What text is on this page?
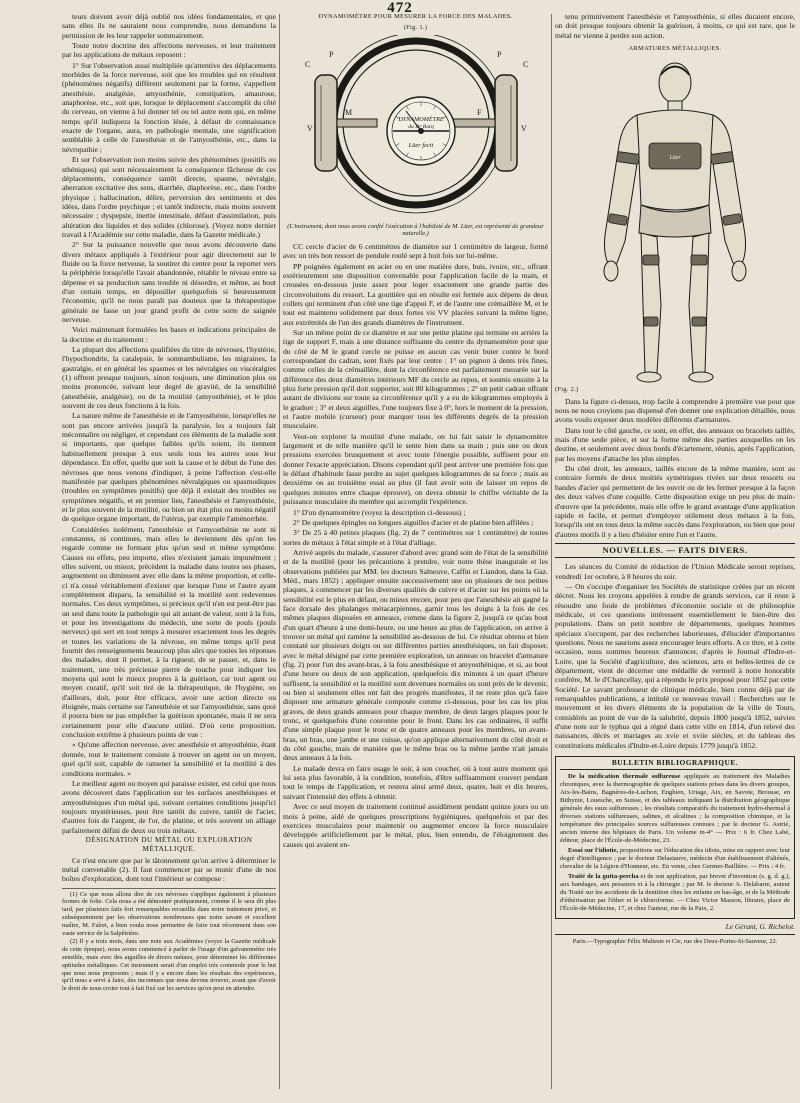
472

teurs doivent avoir déjà oublié nos idées fondamentales, et que sans elles ils ne sauraient nous comprendre, nous demandons la permission de les leur rappeler sommairement.

Toute notre doctrine des affections nerveuses, et leur traitement par les applications de métaux reposent :

1° Sur l'observation aussi multipliée qu'attentive des déplacements morbides de la force nerveuse, soit que les troubles qui en résultent (phénomènes négatifs) diffèrent seulement par la forme, s'appellent anesthésie, analgésie, amyosthénie, constipation, amaurose, anaphorèse, etc., soit que, lorsque le déplacement s'accomplit du côté du cerveau, on vienne à lui donner tel ou tel autre nom qui, en même temps qu'il indiquera la fonction lésée, à défaut de connaissance exacte de l'organe, aura, en pathologie mentale, une signification semblable à celle de l'anesthésie et de l'amyosthénie, etc., dans la névropathie ;

Et sur l'observation non moins suivie des phénomènes (positifs ou sthéniques) qui sont nécessairement la conséquence fâcheuse de ces déplacements, conséquence tantôt directe, spasme, névralgie, aberration excitative des sens, diarrhée, diaphorèse, etc., dans l'ordre physique ; hallucination, délire, perversion des sentiments et des idées, dans l'ordre psychique ; et tantôt indirecte, mais moins souvent nécessaire ; dyspepsie, inertie intestinale, défaut d'assimilation, puis altération des liquides et des solides (chlorose). (Voyez notre dernier travail à l'Académie sur cette maladie, dans la Gazette médicale.)

2° Sur la puissance nouvelle que nous avons découverte dans divers métaux appliqués à l'extérieur pour agir directement sur le fluide ou la force nerveuse, la soutirer du centre pour la reporter vers la périphérie lorsqu'elle l'avait abandonnée, rétablir le niveau entre sa dépense et sa production sans trouble ni désordre, et même, au bout d'un certain temps, en dépouiller quelquefois si heureusement l'économie, qu'il ne nous paraît pas douteux que la thérapeutique générale ne fasse un jour grand profit de cette sorte de saignée nerveuse.

Voici maintenant formulées les bases et indications principales de la doctrine et du traitement :

La plupart des affections qualifiées du titre de névroses, l'hystérie, l'hypochondrie, la catalepsie, le somnambulisme, les migraines, la gastralgie, et en général les spasmes et les névralgies ou viscéralgies (1) offrent presque toujours, sinon toujours, une diminution plus ou moins prononcée, suivant leur degré de gravité, de la sensibilité (anesthésie, analgésie), ou de la motilité (amyosthénie), et le plus souvent de ces deux fonctions à la fois.

La nature même de l'anesthésie et de l'amyosthénie, lorsqu'elles ne sont pas encore arrivées jusqu'à la paralysie, les a toujours fait méconnaître ou négliger, et cependant ces éléments de la maladie sont si importants, que quelque faibles qu'ils soient, ils tiennent habituellement presque à eux seuls tous les autres sous leur dépendance. En effet, quelle que soit la cause et le début de l'une des névroses que nous venons d'indiquer, à peine l'affection s'est-elle manifestée par quelques phénomènes névralgiques ou spasmodiques (troubles ou symptômes positifs) que déjà il existait des troubles ou symptômes négatifs, et en premier lieu, l'anesthésie et l'amyosthénie, et le plus souvent de la motilité, ou bien un état plus ou moins négatif de quelque organe important, de l'utérus, par exemple l'aménorrhée.

Considérées isolément, l'anesthésie et l'amyosthénie ne sont ni constantes, ni continues, mais elles le deviennent dès qu'on les regarde comme ne formant plus qu'un seul et même symptôme. Causes ou effets, peu importe, elles n'existent jamais impunément ; elles suivent, ou mieux, précèdent la maladie dans toutes ses phases, augmentent ou diminuent avec elle dans la même proportion, et celle-ci n'a cessé véritablement d'exister que lorsque l'une et l'autre ayant complètement disparu, la sensibilité et la motilité sont redevenues normales. Ces deux symptômes, si précieux qu'il n'en est peut-être pas un seul dans toute la pathologie qui ait autant de valeur, sont à la fois, et pour les investigations du médecin, une sorte de pouls (pouls nerveux) qui sert en tout temps à mesurer exactement tous les degrés et toutes les variations de la névrose, en même temps qu'il peut fournir des renseignements beaucoup plus sûrs que toutes les réponses des malades, dont il permet, à la rigueur, de se passer, et, dans le traitement, une très précieuse pierre de touche pour indiquer les moyens qui sont le mieux propres à la guérison, car tout agent ou moyen curatif, qu'il soit tiré de la thérapeutique, de l'hygiène, ou d'ailleurs, doit, pour être efficace, avoir une action directe ou éloignée, mais certaine sur l'anesthésie et sur l'amyosthénie, sans quoi il pourra bien ne pas empêcher la guérison spontanée, mais il ne sera certainement pour elle d'aucune utilité. D'où cette proposition, conclusion extrême à plusieurs points de vue :

« Qu'une affection nerveuse, avec anesthésie et amyosthénie, étant donnée, tout le traitement consiste à trouver un agent ou un moyen, quel qu'il soit, capable de ramener la sensibilité et la motilité à des conditions normales. »

Le meilleur agent ou moyen qui paraisse exister, est celui que nous avons découvert dans l'application sur les surfaces anesthésiques et amyosthéniques d'un métal qui, suivant certaines conditions jusqu'ici toujours mystérieuses, peut être tantôt du cuivre, tantôt de l'acier, d'autres fois de l'argent, de l'or, du platine, et très souvent un alliage parfaitement défini de deux ou trois métaux.

DÉSIGNATION DU MÉTAL OU EXPLORATION MÉTALLIQUE.

Ce n'est encore que par le tâtonnement qu'on arrive à déterminer le métal convenable (2). Il faut commencer par se munir d'une de nos boîtes d'exploration, dont tout l'intérieur se compose :

(1) Ce que nous allons dire de ces névroses s'applique également à plusieurs formes de folie. Cela nous a été démontré pratiquement, comme il le sera dit plus tard, par plusieurs faits fort remarquables recueillis dans notre traitement privé, et subséquemment par les observations nombreuses que notre savant et excellent maître, M. Falret, a bien voulu nous permettre de faire tout récemment dans son vaste service de la Salpêtrière.

(2) Il y a trois mois, dans une note aux Académies (voyez la Gazette médicale de cette époque), nous avons commencé à parler de l'usage d'un galvanomètre très sensible, mais avec des aiguilles de divers métaux, pour déterminer les différentes aptitudes métalliques. Cet instrument serait d'un emploi très commode pour le but que nous nous proposons ; mais il y a encore dans les résultats des expériences, qu'il nous a servi à faire, des inconnues que nous devons trouver, avant que d'avoir le droit de nous croire tout à fait fixé sur les services qu'on peut en attendre.

DYNAMOMÈTRE POUR MESURER LA FORCE DES MALADES.
(Fig. 1.)
DYNAMOMÈTRE
du Dr Burq
Lüer fecit
C	C
P	P
V	V
M	F
(L'instrument, dont nous avons confié l'exécution à l'habileté de M. Lüer, est représenté de grandeur naturelle.)

CC cercle d'acier de 6 centimètres de diamètre sur 1 centimètre de largeur, formé avec un très bon ressort de pendule roulé sept à huit fois sur lui-même.

PP poignées également en acier ou en une matière dure, buis, ivoire, etc., offrant extérieurement une disposition convenable pour l'application facile de la main, et creusées en-dessous juste assez pour loger exactement une grande partie des circonvolutions du ressort. La gouttière qui en résulte est fermée aux dépens de deux collets qui terminent d'un côté une tige d'appui F, et de l'autre une crémaillère M, et le tout est maintenu solidement par deux fortes vis VV placées suivant la même ligne, aux extrémités de l'un des grands diamètres de l'instrument.

Sur un même point de ce diamètre et sur une petite platine qui termine en arrière la tige de support F, mais à une distance suffisante du centre du dynamomètre pour que du côté de M le grand cercle ne puisse en aucun cas venir buter contre le bord correspondant du cadran, sont fixés par leur centre : 1° un pignon à dents très fines, comme celles de la crémaillère, dont la circonférence est parfaitement mesurée sur la différence des deux diamètres intérieurs MF du cercle au repos, et soumis ensuite à la plus forte pression qu'il doit supporter, soit 80 kilogrammes ; 2° un petit cadran offrant autant de divisions sur toute sa circonférence qu'il y a eu de kilogrammes employés à le graduer ; 3° et deux aiguilles, l'une toujours fixe à 0°, hors le moment de la pression, et l'autre mobile (curseur) pour marquer tous les différents degrés de la pression musculaire.

Veut-on explorer la motilité d'une malade, on lui fait saisir le dynamomètre largement et de telle manière qu'il le sente bien dans sa main ; puis une ou deux pressions exercées brusquement et avec toute l'énergie possible, suffisent pour en donner l'exacte appréciation. Disons cependant qu'il peut arriver une première fois que le défaut d'habitude fasse perdre au sujet quelques kilogrammes de sa force ; mais au deuxième ou au troisième essai au plus (il faut avoir soin de laisser un repos de quelques minutes entre chaque épreuve), on devra obtenir le chiffre véritable de la puissance musculaire du membre qui accomplit l'expérience.

1° D'un dynamomètre (voyez la description ci-dessous) ;

2° De quelques épingles ou longues aiguilles d'acier et de platine bien affilées ;

3° De 25 à 40 petites plaques (fig. 2) de 7 centimètres sur 1 centimètre) de toutes sortes de métaux à l'état simple et à l'état d'alliage.

Arrivé auprès du malade, s'assurer d'abord avec grand soin de l'état de la sensibilité et de la motilité (pour les précautions à prendre, voir notre thèse inaugurale et les observations publiées par MM. les docteurs Salneuve, Caffin et Liandon, dans la Gaz. Méd., mars 1852) ; appliquer ensuite successivement une ou plusieurs de nos petites plaques, à commencer par les diverses qualités de cuivre et d'acier sur les points où la sensibilité est le plus en défaut, ou mieux encore, pour peu que l'anesthésie ait gagné la face dorsale des phalanges métacarpiennes, garnir tous les doigts à la fois de ces mêmes plaques disposées en anneaux, comme dans la figure 2, jusqu'à ce qu'au bout d'un quart d'heure à une demi-heure, ou une heure au plus de l'application, on arrive à trouver un métal qui ramène la sensibilité au-dessous de lui. Ce résultat obtenu et bien constaté sur plusieurs doigts ou sur différentes parties anesthésiques, on fait disposer, avec le métal désigné par cette première exploration, un anneau ou bracelet d'armature (fig. 2) pour l'un des avant-bras, à la fois anesthésique et amyosthénique, et si, au bout d'une heure ou deux de son application, quelquefois dix minutes à un quart d'heure suffisent, la sensibilité et la motilité sont devenues normales ou sont près de le devenir, ou bien si seulement elles ont fait des progrès manifestes, il ne reste plus qu'à faire disposer une armature générale composée comme ci-dessous, pour les cas les plus graves, de deux grands anneaux pour chaque membre, de deux larges plaques pour le tronc, et quelquefois d'une couronne pour le front. Dans les cas ordinaires, il suffit d'une simple plaque pour le tronc et de quatre anneaux pour les membres, un avant-bras, un bras, une jambe et une cuisse, qu'on applique alternativement du côté droit et du côté gauche, mais de manière que le même bras ou la même jambe n'ait jamais deux anneaux à la fois.

Le malade devra en faire usage le soir, à son coucher, où à tout autre moment qui lui sera plus favorable, à la condition, toutefois, d'être suffisamment couvert pendant tout le temps de l'application, et restera ainsi armé deux, quatre, huit et dix heures, suivant l'intensité des effets à obtenir.

Avec ce seul moyen de traitement continué assidûment pendant quinze jours ou un mois à peine, aidé de quelques prescriptions hygiéniques, quelquefois et par des exercices musculaires pour maintenir ou augmenter encore la force musculaire développée artificiellement par le métal, plus, bien entendu, de l'éloignement des causes qui avaient en-

tenu primitivement l'anesthésie et l'amyosthénie, si elles duraient encore, on doit presque toujours obtenir la guérison, à moins, ce qui est rare, que le métal ne vienne à perdre son action.

ARMATURES MÉTALLIQUES.
Lüer
(Fig. 2.)

Dans la figure ci-dessus, trop facile à comprendre à première vue pour que nous ne nous croyions pas dispensé d'en donner une explication détaillée, nous avons voulu exposer deux modèles différents d'armatures.

Dans tout le côté gauche, ce sont, en effet, des anneaux ou bracelets taillés, mais d'une seule pièce, et sur la forme même des parties auxquelles on les destine, et seulement avec deux bords d'écartement, réunis, après l'application, par les moyens d'attache les plus simples.

Du côté droit, les anneaux, taillés encore de la même manière, sont au contraire formés de deux moitiés symétriques rivées sur deux ressorts ou bandes d'acier qui permettent de les ouvrir ou de les fermer presque à la façon des deux valves d'une coquille. Cette disposition exige un peu plus de main-d'œuvre que la précédente, mais elle offre le grand avantage d'une application rapide et facile, et permet d'employer utilement deux métaux à la fois, lorsqu'ils ont en tous deux la même succès dans l'exploration, ou bien que pour d'autres motifs il y a lieu d'hésiter entre l'un et l'autre.

NOUVELLES. — FAITS DIVERS.

Les séances du Comité de rédaction de l'Union Médicale seront reprises, vendredi 1er octobre, à 8 heures du soir.

— On s'occupe d'organiser les Sociétés de statistique créées par un récent décret. Nous les croyons appelées à rendre de grands services, car il reste à résoudre une foule de problèmes d'économie sociale et de philosophie médicale, et ces questions intéressent essentiellement le bien-être des populations. Dans un petit nombre de départements, quelques hommes spéciaux s'occupent, par des recherches laborieuses, d'élucider d'importantes questions. Nous ne saurions assez encourager leurs efforts. A ce titre, et à cette occasion, nous sommes heureux d'annoncer, d'après le Journal d'Indre-et-Loire, que la Société d'agriculture, des sciences, arts et belles-lettres de ce département, vient de décerner une médaille de vermeil à notre honorable confrère, M. le d'Chancellay, qui a répondu le prix proposé pour 1852 par cette Société. Le savant professeur de clinique médicale, bien connu déjà par de remarquables publications, a intitulé ce nouveau travail : Recherches sur le mouvement et les divers éléments de la population de la ville de Tours, considérés au point de vue de la salubrité, depuis 1800 jusqu'à 1852, suivies d'une note sur le typhus qui a régné dans cette ville en 1814, d'un relevé des naissances, décès et mariages au xvie et xviie siècles, et du tableau des constitutions médicales d'Indre-et-Loire depuis 1779 jusqu'à 1852.

BULLETIN BIBLIOGRAPHIQUE.

De la médication thermale sulfureuse appliquée au traitement des Maladies chroniques, avec la thermographie de quelques stations prises dans les divers groupes, Aix-les-Bains, Bagnères-de-Luchon, Enghien, Uriage, Aix, en Savoie, Brousse, en Bithynie, Louesche, en Suisse, et des tableaux indiquant la distribution géographique générale des eaux sulfureuses ; les résultats comparatifs du traitement hydro-thermal à diverses stations sulfureuses, salines, et alcalines ; la composition chimique, et la température des principales sources sulfureuses connues ; par le docteur G. Astrié, ancien interne des hôpitaux de Paris. Un volume in-4° — Prix : 6 fr. Chez Labé, éditeur, place de l'École-de-Médecine, 23.

Essai sur l'idiotie, propositions sur l'éducation des idiots, mise en rapport avec leur degré d'intelligence ; par le docteur Delasiauve, médecin d'un établissement d'aliénés, chevalier de la Légion d'Honneur, etc. En vente, chez Germer-Baillière. — Prix : 4 fr.

Traité de la gutta-percha et de son application, par brevet d'invention (s. g. d. g.), aux bandages, aux pessaires et à la chirurgie ; par M. le docteur A. Delabarre, auteur du Traité sur les accidents de la dentition chez les enfants en bas-âge, et de la Méthode d'éthérisation par l'éther et le chloroforme. — Chez Victor Masson, libraire, place de l'École-de-Médecine, 17, et chez l'auteur, rue de la Paix, 2.

Le Gérant, G. Richelot.
Paris.—Typographie Félix Malteste et Cie, rue des Deux-Portes-St-Sauveur, 22.
